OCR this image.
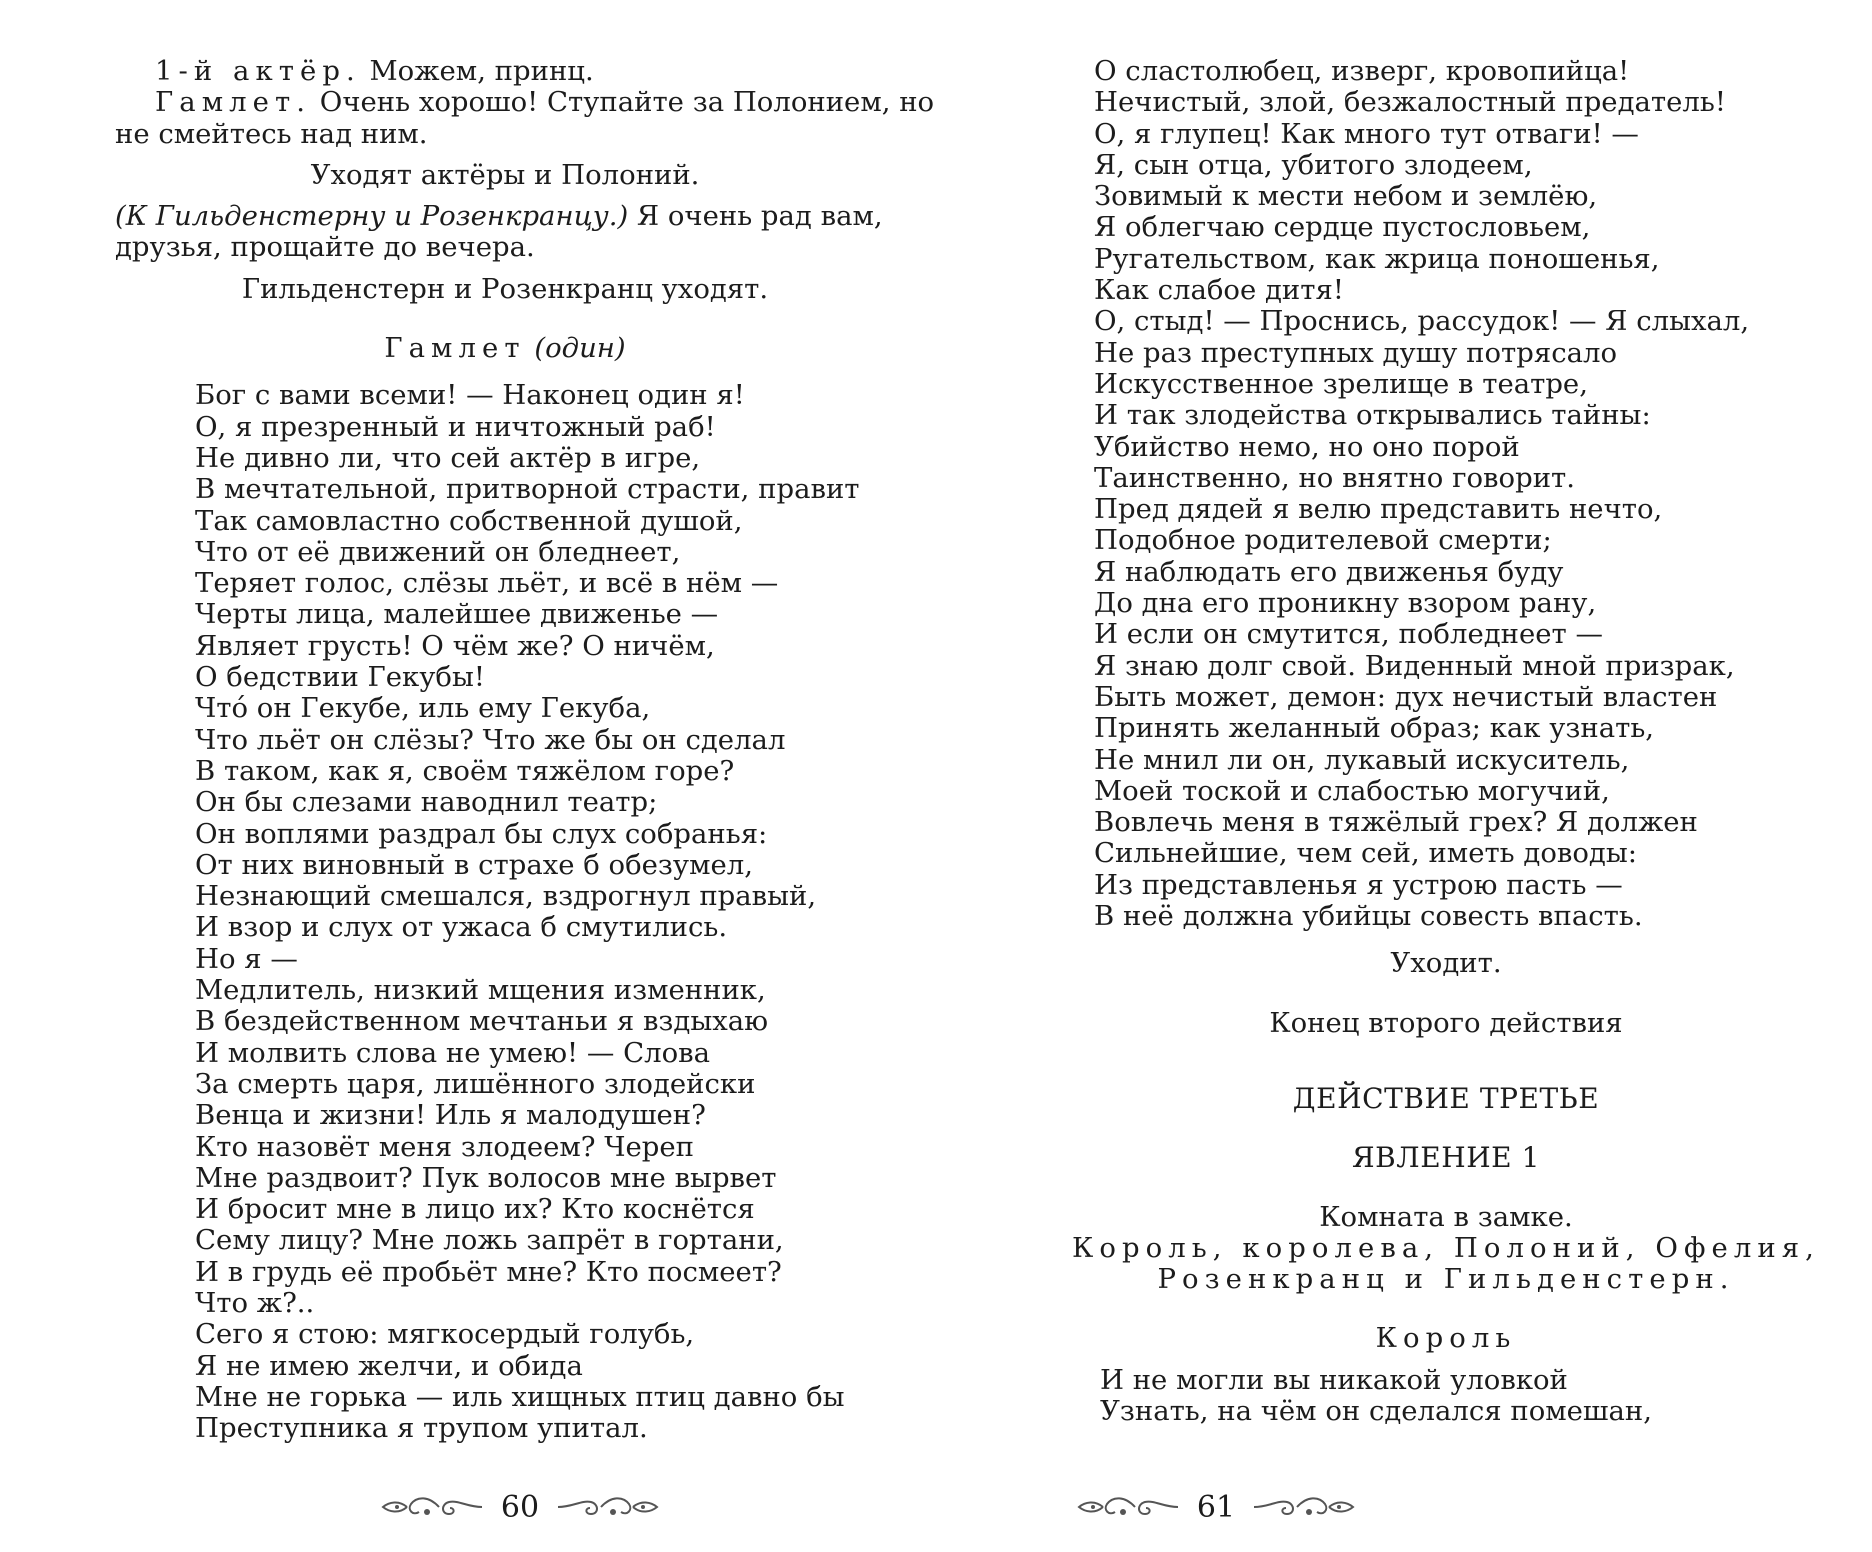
1-й актёр. Можем, принц.
Гамлет. Очень хорошо! Ступайте за Полонием, но
не смейтесь над ним.
Уходят актёры и Полоний.
(К Гильденстерну и Розенкранцу.) Я очень рад вам,
друзья, прощайте до вечера.
Гильденстерн и Розенкранц уходят.
Гамлет (один)
Бог с вами всеми! — Наконец один я!
О, я презренный и ничтожный раб!
Не дивно ли, что сей актёр в игре,
В мечтательной, притворной страсти, правит
Так самовластно собственной душой,
Что от её движений он бледнеет,
Теряет голос, слёзы льёт, и всё в нём —
Черты лица, малейшее движенье —
Являет грусть! О чём же? О ничём,
О бедствии Гекубы!
Что́ он Гекубе, иль ему Гекуба,
Что льёт он слёзы? Что же бы он сделал
В таком, как я, своём тяжёлом горе?
Он бы слезами наводнил театр;
Он воплями раздрал бы слух собранья:
От них виновный в страхе б обезумел,
Незнающий смешался, вздрогнул правый,
И взор и слух от ужаса б смутились.
Но я —
Медлитель, низкий мщения изменник,
В бездейственном мечтаньи я вздыхаю
И молвить слова не умею! — Слова
За смерть царя, лишённого злодейски
Венца и жизни! Иль я малодушен?
Кто назовёт меня злодеем? Череп
Мне раздвоит? Пук волосов мне вырвет
И бросит мне в лицо их? Кто коснётся
Сему лицу? Мне ложь запрёт в гортани,
И в грудь её пробьёт мне? Кто посмеет?
Что ж?..
Сего я стою: мягкосердый голубь,
Я не имею желчи, и обида
Мне не горька — иль хищных птиц давно бы
Преступника я трупом упитал.
60
О сластолюбец, изверг, кровопийца!
Нечистый, злой, безжалостный предатель!
О, я глупец! Как много тут отваги! —
Я, сын отца, убитого злодеем,
Зовимый к мести небом и землёю,
Я облегчаю сердце пустословьем,
Ругательством, как жрица поношенья,
Как слабое дитя!
О, стыд! — Проснись, рассудок! — Я слыхал,
Не раз преступных душу потрясало
Искусственное зрелище в театре,
И так злодейства открывались тайны:
Убийство немо, но оно порой
Таинственно, но внятно говорит.
Пред дядей я велю представить нечто,
Подобное родителевой смерти;
Я наблюдать его движенья буду
До дна его проникну взором рану,
И если он смутится, побледнеет —
Я знаю долг свой. Виденный мной призрак,
Быть может, демон: дух нечистый властен
Принять желанный образ; как узнать,
Не мнил ли он, лукавый искуситель,
Моей тоской и слабостью могучий,
Вовлечь меня в тяжёлый грех? Я должен
Сильнейшие, чем сей, иметь доводы:
Из представленья я устрою пасть —
В неё должна убийцы совесть впасть.
Уходит.
Конец второго действия
ДЕЙСТВИЕ ТРЕТЬЕ
ЯВЛЕНИЕ 1
Комната в замке.
Король, королева, Полоний, Офелия,
Розенкранц и Гильденстерн.
Король
И не могли вы никакой уловкой
Узнать, на чём он сделался помешан,
61
